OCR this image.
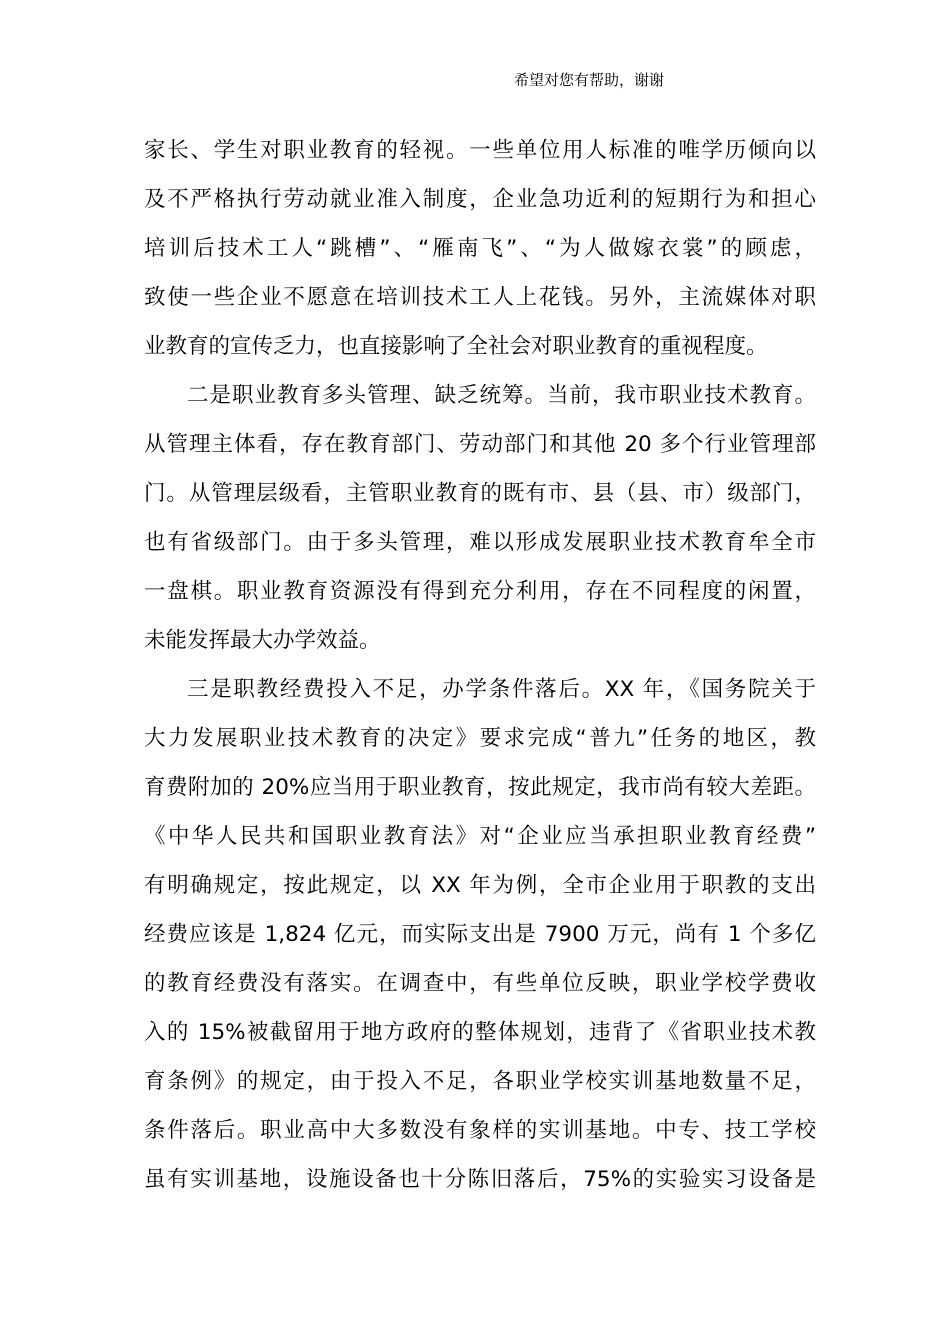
希望对您有帮助，谢谢
家长、学生对职业教育的轻视。一些单位用人标准的唯学历倾向以
及不严格执行劳动就业准入制度，企业急功近利的短期行为和担心
培训后技术工人“跳槽”、“雁南飞”、“为人做嫁衣裳”的顾虑，
致使一些企业不愿意在培训技术工人上花钱。另外，主流媒体对职
业教育的宣传乏力，也直接影响了全社会对职业教育的重视程度。
二是职业教育多头管理、缺乏统筹。当前，我市职业技术教育。
从管理主体看，存在教育部门、劳动部门和其他 20 多个行业管理部
门。从管理层级看，主管职业教育的既有市、县（县、市）级部门，
也有省级部门。由于多头管理，难以形成发展职业技术教育牟全市
一盘棋。职业教育资源没有得到充分利用，存在不同程度的闲置，
未能发挥最大办学效益。
三是职教经费投入不足，办学条件落后。XX 年，《国务院关于
大力发展职业技术教育的决定》要求完成“普九”任务的地区，教
育费附加的 20%应当用于职业教育，按此规定，我市尚有较大差距。
《中华人民共和国职业教育法》对“企业应当承担职业教育经费”
有明确规定，按此规定，以 XX 年为例，全市企业用于职教的支出
经费应该是 1,824 亿元，而实际支出是 7900 万元，尚有 1 个多亿
的教育经费没有落实。在调查中，有些单位反映，职业学校学费收
入的 15%被截留用于地方政府的整体规划，违背了《省职业技术教
育条例》的规定，由于投入不足，各职业学校实训基地数量不足，
条件落后。职业高中大多数没有象样的实训基地。中专、技工学校
虽有实训基地，设施设备也十分陈旧落后，75%的实验实习设备是
